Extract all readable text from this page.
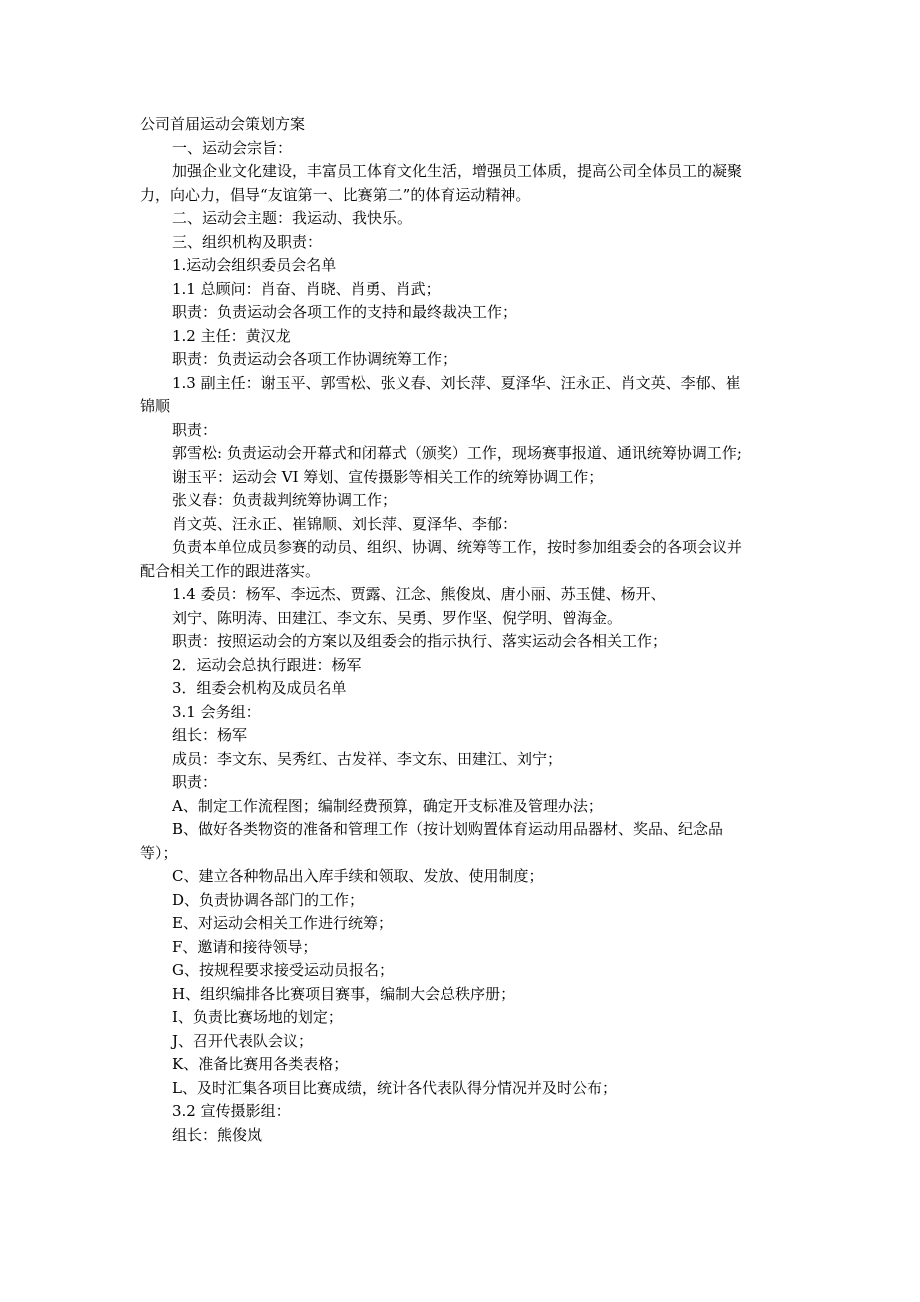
公司首届运动会策划方案
一、运动会宗旨：
加强企业文化建设，丰富员工体育文化生活，增强员工体质，提高公司全体员工的凝聚
力，向心力，倡导“友谊第一、比赛第二”的体育运动精神。
二、运动会主题：我运动、我快乐。
三、组织机构及职责：
1.运动会组织委员会名单
1.1 总顾问：肖奋、肖晓、肖勇、肖武；
职责：负责运动会各项工作的支持和最终裁决工作；
1.2 主任：黄汉龙
职责：负责运动会各项工作协调统筹工作；
1.3 副主任：谢玉平、郭雪松、张义春、刘长萍、夏泽华、汪永正、肖文英、李郁、崔
锦顺
职责：
郭雪松: 负责运动会开幕式和闭幕式（颁奖）工作，现场赛事报道、通讯统筹协调工作;
谢玉平：运动会 VI 筹划、宣传摄影等相关工作的统筹协调工作；
张义春：负责裁判统筹协调工作；
肖文英、汪永正、崔锦顺、刘长萍、夏泽华、李郁：
负责本单位成员参赛的动员、组织、协调、统筹等工作，按时参加组委会的各项会议并
配合相关工作的跟进落实。
1.4 委员：杨军、李远杰、贾露、江念、熊俊岚、唐小丽、苏玉健、杨开、
刘宁、陈明涛、田建江、李文东、吴勇、罗作坚、倪学明、曾海金。
职责：按照运动会的方案以及组委会的指示执行、落实运动会各相关工作；
2．运动会总执行跟进：杨军
3．组委会机构及成员名单
3.1 会务组：
组长：杨军
成员：李文东、吴秀红、古发祥、李文东、田建江、刘宁；
职责：
A、制定工作流程图；编制经费预算，确定开支标准及管理办法；
B、做好各类物资的准备和管理工作（按计划购置体育运动用品器材、奖品、纪念品
等）；
C、建立各种物品出入库手续和领取、发放、使用制度；
D、负责协调各部门的工作；
E、对运动会相关工作进行统筹；
F、邀请和接待领导；
G、按规程要求接受运动员报名；
H、组织编排各比赛项目赛事，编制大会总秩序册；
I、负责比赛场地的划定；
J、召开代表队会议；
K、准备比赛用各类表格；
L、及时汇集各项目比赛成绩，统计各代表队得分情况并及时公布；
3.2 宣传摄影组：
组长：熊俊岚
